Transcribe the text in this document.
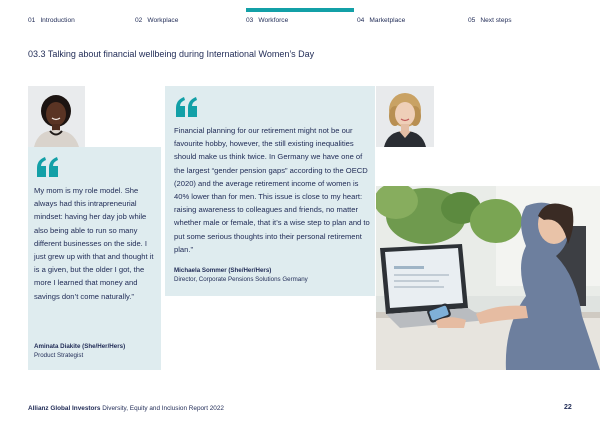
01 Introduction	02 Workplace	03 Workforce	04 Marketplace	05 Next steps
03.3 Talking about financial wellbeing during International Women’s Day
My mom is my role model. She always had this intrapreneurial mindset: having her day job while also being able to run so many different businesses on the side. I just grew up with that and thought it is a given, but the older I got, the more I learned that money and savings don’t come naturally.”
Aminata Diakite (She/Her/Hers)
Product Strategist
Financial planning for our retirement might not be our favourite hobby, however, the still existing inequalities should make us think twice. In Germany we have one of the largest “gender pension gaps” according to the OECD (2020) and the average retirement income of women is 40% lower than for men. This issue is close to my heart: raising awareness to colleagues and friends, no matter whether male or female, that it’s a wise step to plan and to put some serious thoughts into their personal retirement plan.”
Michaela Sommer (She/Her/Hers)
Director, Corporate Pensions Solutions Germany
Allianz Global Investors Diversity, Equity and Inclusion Report 2022	22
